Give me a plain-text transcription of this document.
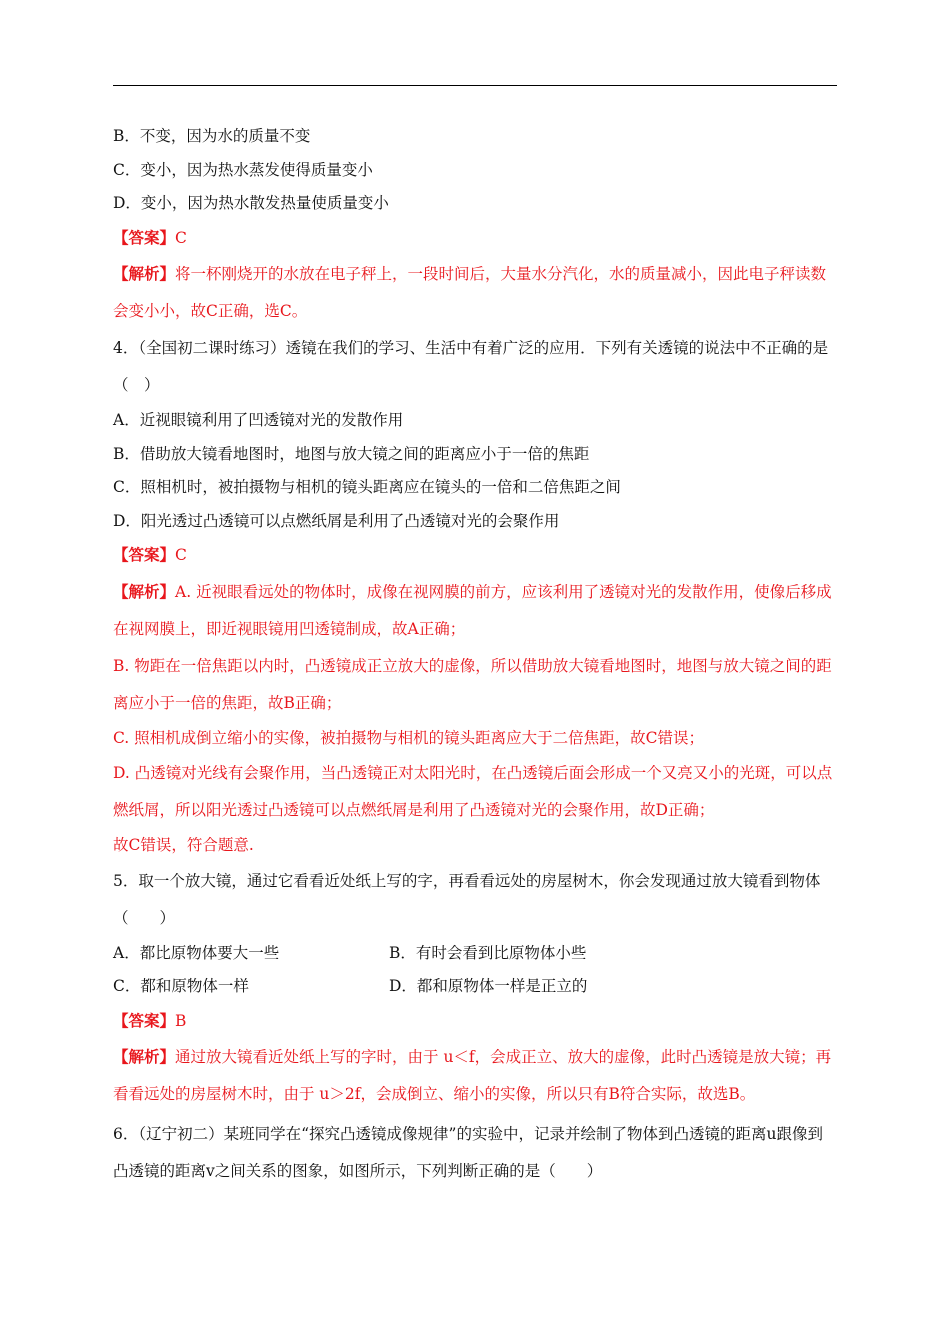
B．不变，因为水的质量不变
C．变小，因为热水蒸发使得质量变小
D．变小，因为热水散发热量使质量变小
【答案】C
【解析】将一杯刚烧开的水放在电子秤上，一段时间后，大量水分汽化，水的质量减小，因此电子秤读数会变小小，故C正确，选C。
4．（全国初二课时练习）透镜在我们的学习、生活中有着广泛的应用．下列有关透镜的说法中不正确的是（　）
A．近视眼镜利用了凹透镜对光的发散作用
B．借助放大镜看地图时，地图与放大镜之间的距离应小于一倍的焦距
C．照相机时，被拍摄物与相机的镜头距离应在镜头的一倍和二倍焦距之间
D．阳光透过凸透镜可以点燃纸屑是利用了凸透镜对光的会聚作用
【答案】C
【解析】A. 近视眼看远处的物体时，成像在视网膜的前方，应该利用了透镜对光的发散作用，使像后移成在视网膜上，即近视眼镜用凹透镜制成，故A正确；
B. 物距在一倍焦距以内时，凸透镜成正立放大的虚像，所以借助放大镜看地图时，地图与放大镜之间的距离应小于一倍的焦距，故B正确；
C. 照相机成倒立缩小的实像，被拍摄物与相机的镜头距离应大于二倍焦距，故C错误；
D. 凸透镜对光线有会聚作用，当凸透镜正对太阳光时，在凸透镜后面会形成一个又亮又小的光斑，可以点燃纸屑，所以阳光透过凸透镜可以点燃纸屑是利用了凸透镜对光的会聚作用，故D正确；
故C错误，符合题意.
5．取一个放大镜，通过它看看近处纸上写的字，再看看远处的房屋树木，你会发现通过放大镜看到物体（　　）
A．都比原物体要大一些	B．有时会看到比原物体小些
C．都和原物体一样	D．都和原物体一样是正立的
【答案】B
【解析】通过放大镜看近处纸上写的字时，由于 u＜f，会成正立、放大的虚像，此时凸透镜是放大镜；再看看远处的房屋树木时，由于 u＞2f，会成倒立、缩小的实像，所以只有B符合实际，故选B。
6．（辽宁初二）某班同学在“探究凸透镜成像规律”的实验中，记录并绘制了物体到凸透镜的距离u跟像到凸透镜的距离v之间关系的图象，如图所示，下列判断正确的是（　　）
